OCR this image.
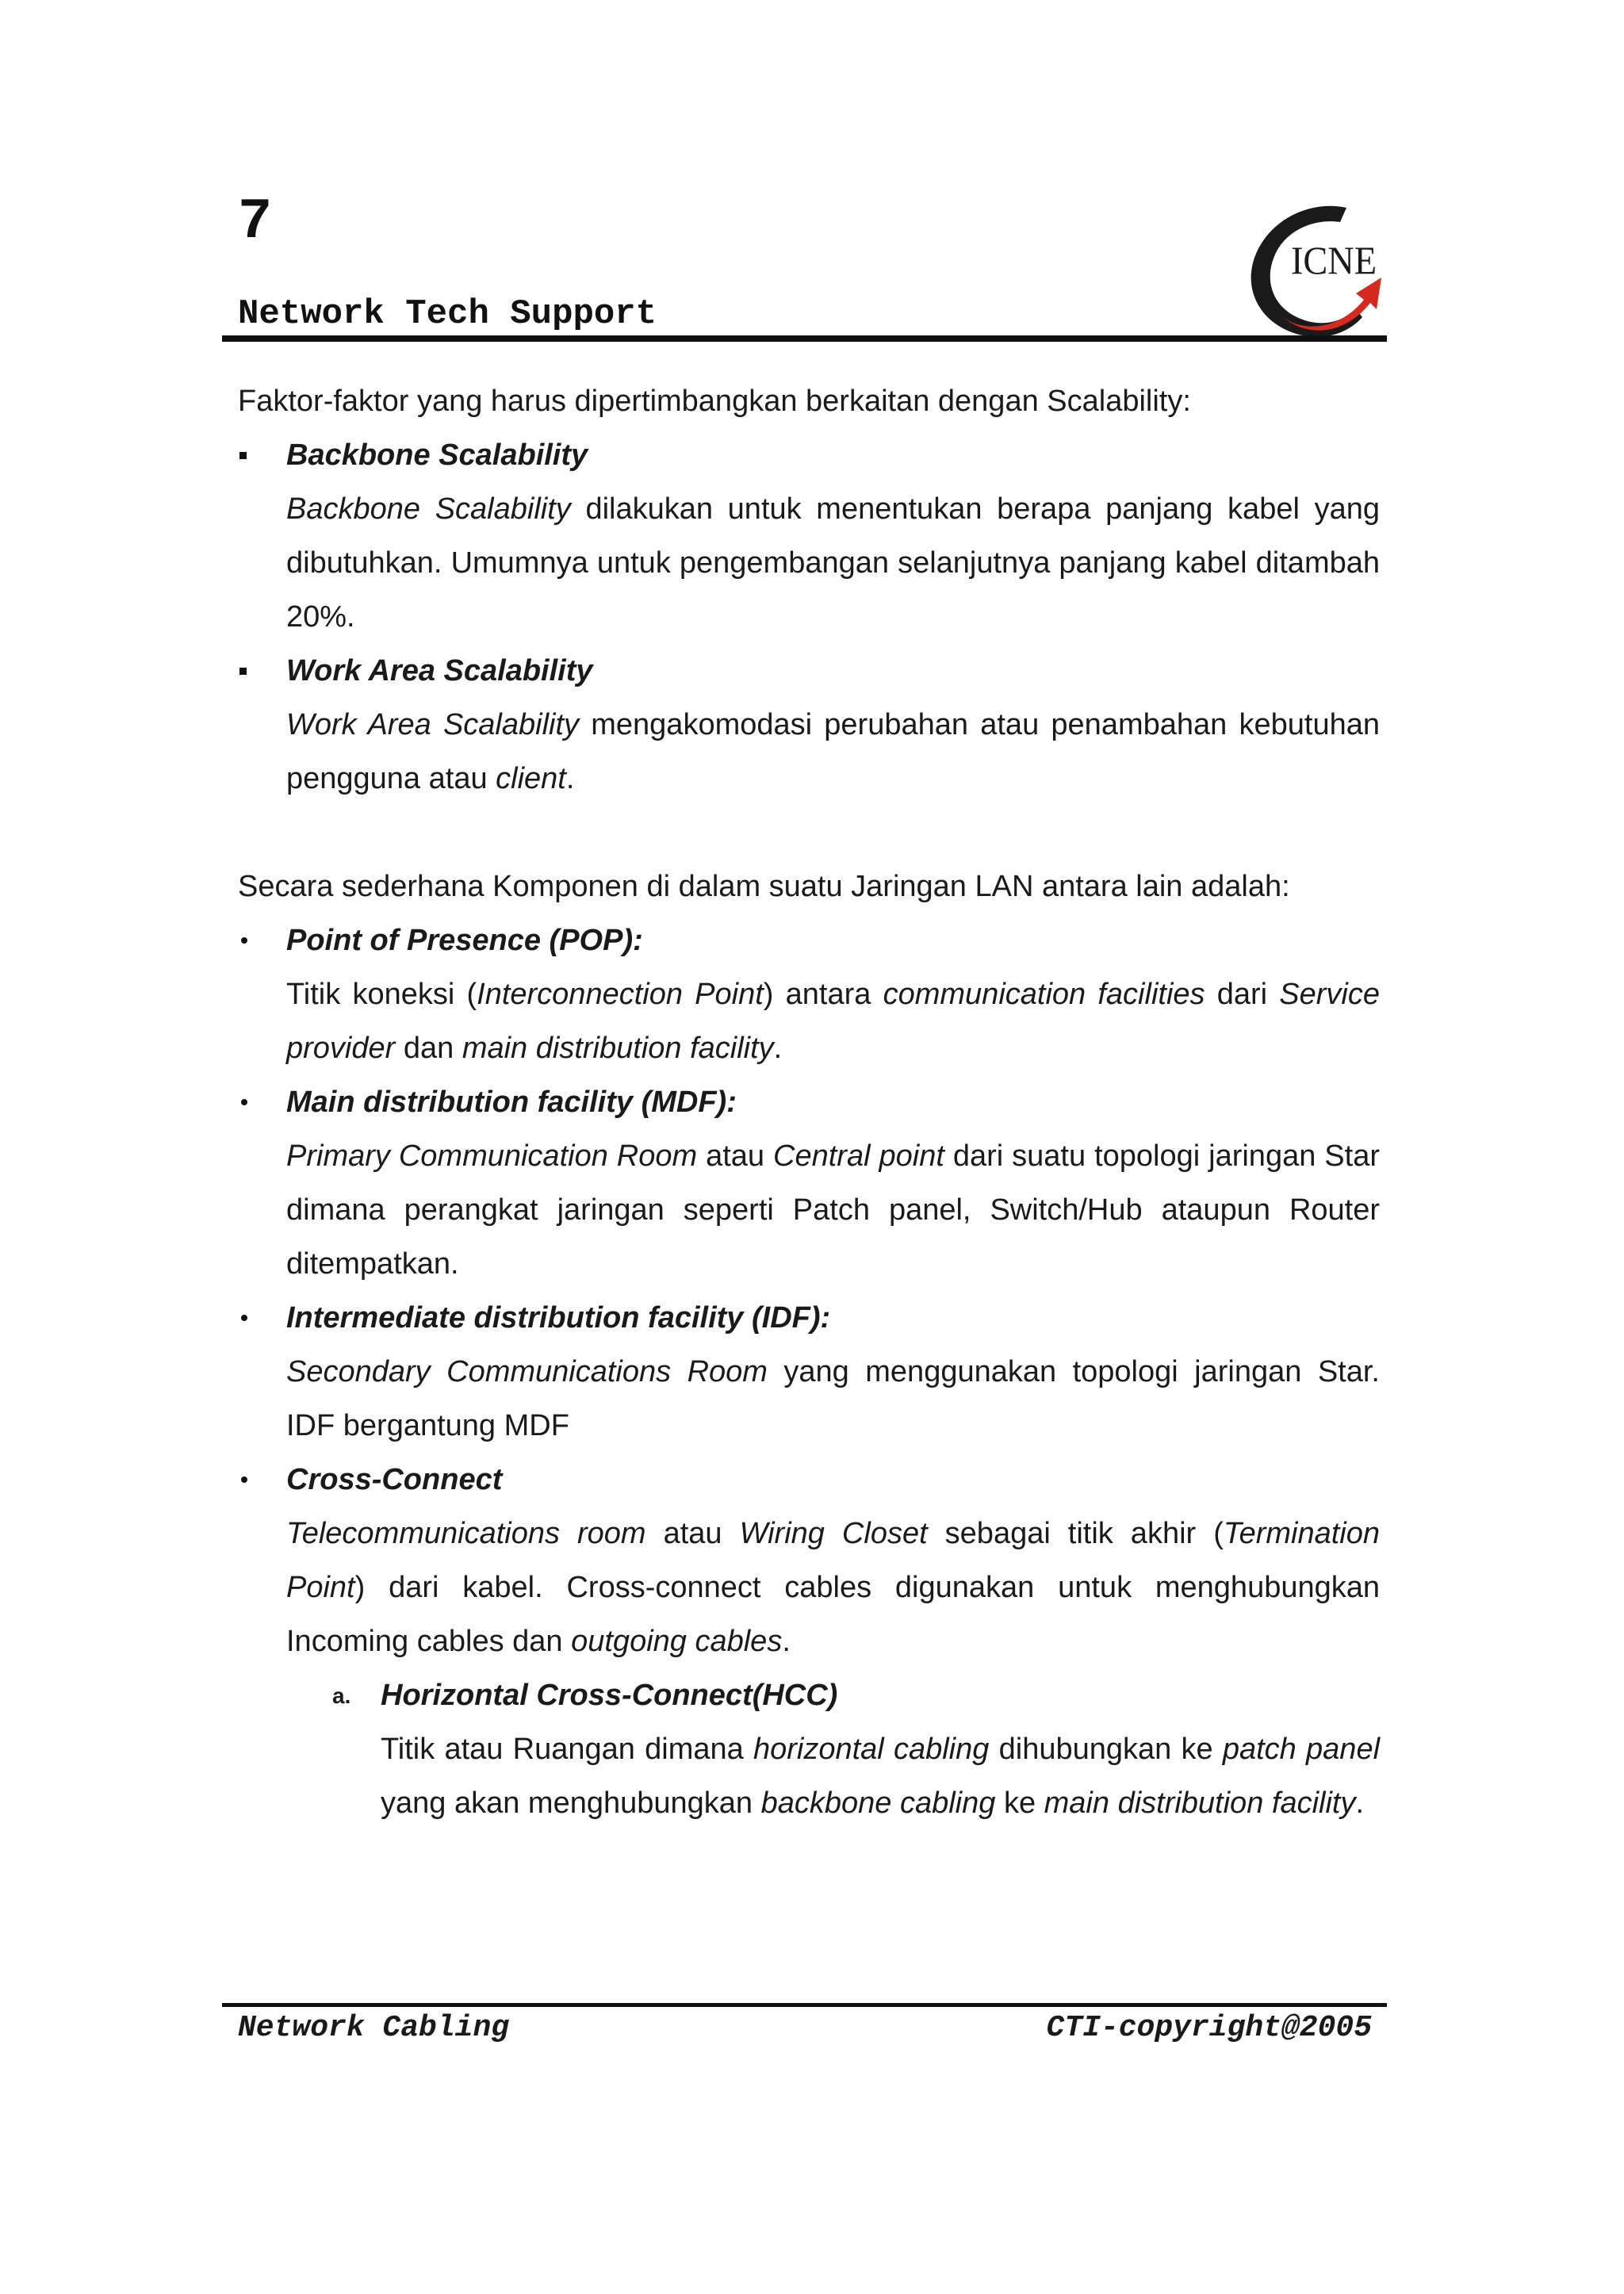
7
Network Tech Support
ICNE

Faktor-faktor yang harus dipertimbangkan berkaitan dengan Scalability:

Backbone Scalability

Backbone Scalability dilakukan untuk menentukan berapa panjang kabel yang dibutuhkan. Umumnya untuk pengembangan selanjutnya panjang kabel ditambah 20%.

Work Area Scalability

Work Area Scalability mengakomodasi perubahan atau penambahan kebutuhan pengguna atau client.

Secara sederhana Komponen di dalam suatu Jaringan LAN antara lain adalah:

Point of Presence (POP):

Titik koneksi (Interconnection Point) antara communication facilities dari Service provider dan main distribution facility.

Main distribution facility (MDF):

Primary Communication Room atau Central point dari suatu topologi jaringan Star dimana perangkat jaringan seperti Patch panel, Switch/Hub ataupun Router ditempatkan.

Intermediate distribution facility (IDF):

Secondary Communications Room yang menggunakan topologi jaringan Star. IDF bergantung MDF

Cross-Connect

Telecommunications room atau Wiring Closet sebagai titik akhir (Termination Point) dari kabel. Cross-connect cables digunakan untuk menghubungkan Incoming cables dan outgoing cables.

a. Horizontal Cross-Connect(HCC)

Titik atau Ruangan dimana horizontal cabling dihubungkan ke patch panel yang akan menghubungkan backbone cabling ke main distribution facility.

Network Cabling	CTI-copyright@2005
